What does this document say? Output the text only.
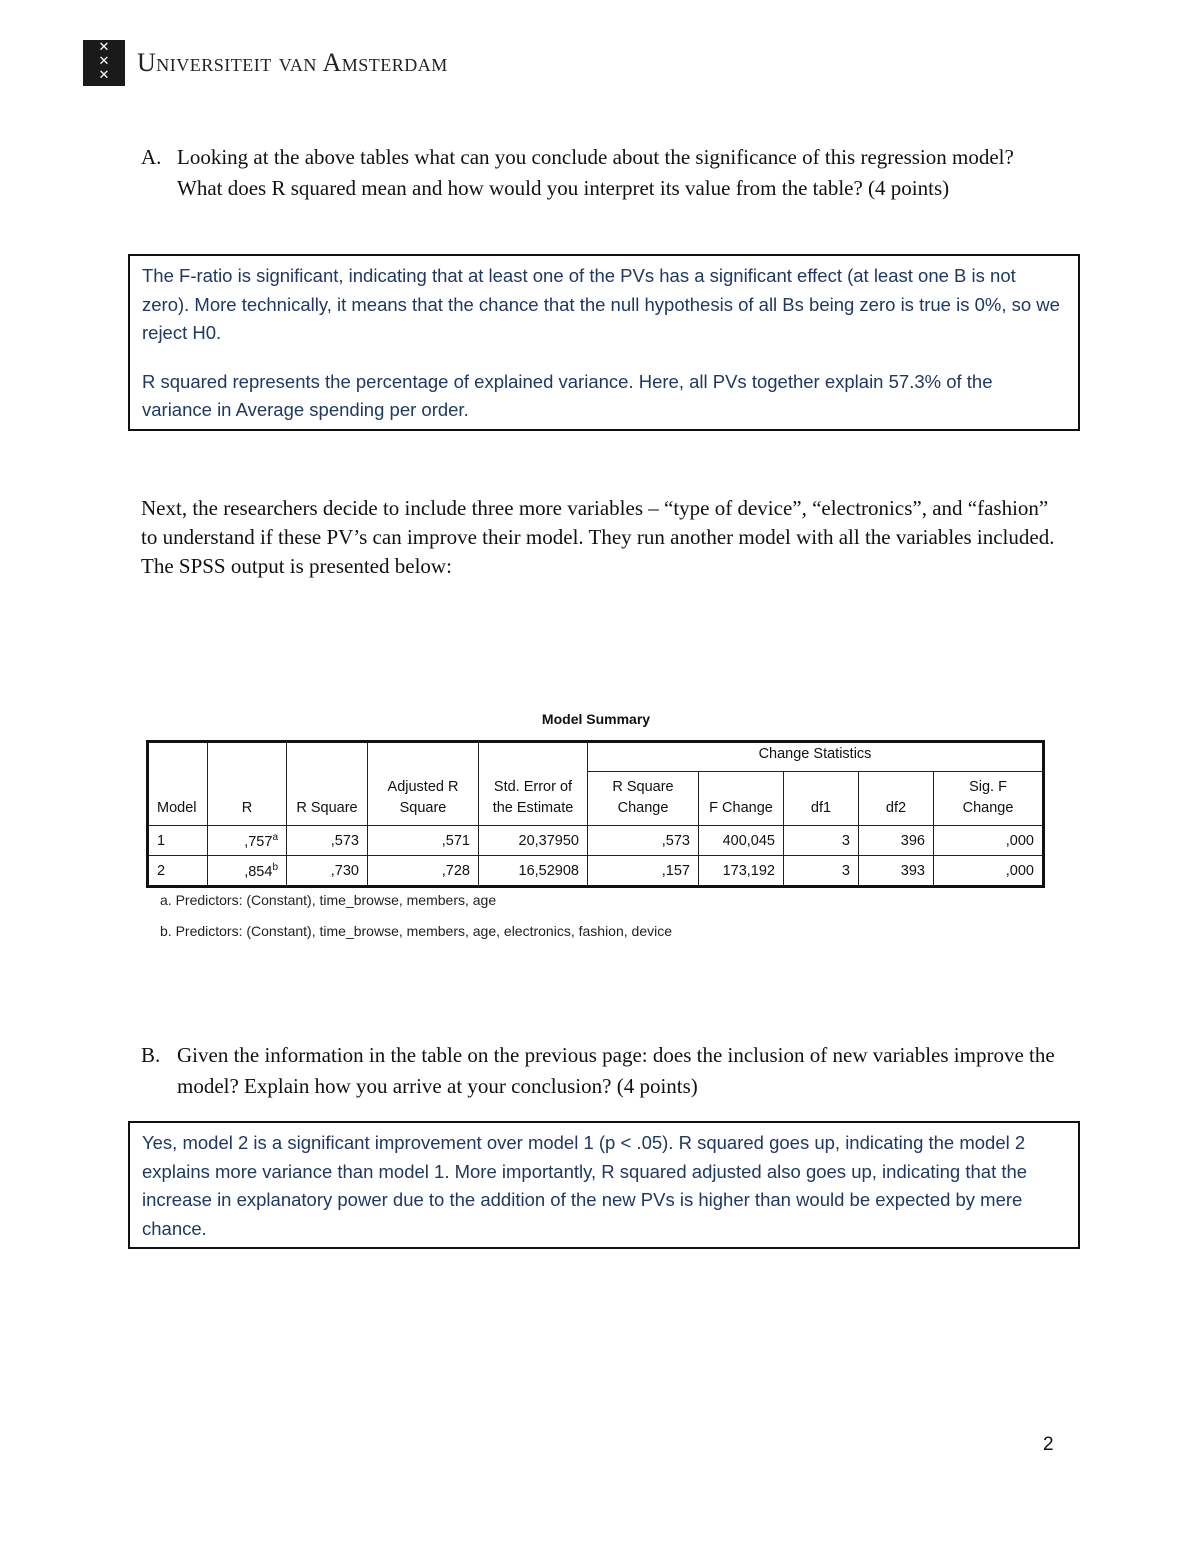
✕
✕
✕	Universiteit van Amsterdam
A. Looking at the above tables what can you conclude about the significance of this regression model? What does R squared mean and how would you interpret its value from the table? (4 points)

The F-ratio is significant, indicating that at least one of the PVs has a significant effect (at least one B is not zero). More technically, it means that the chance that the null hypothesis of all Bs being zero is true is 0%, so we reject H0.

R squared represents the percentage of explained variance. Here, all PVs together explain 57.3% of the variance in Average spending per order.

Next, the researchers decide to include three more variables – “type of device”, “electronics”, and “fashion” to understand if these PV’s can improve their model. They run another model with all the variables included. The SPSS output is presented below:
Model Summary
Model	R	R Square	Adjusted R Square	Std. Error of the Estimate	Change Statistics				
					R Square Change	F Change	df1	df2	Sig. F Change
1	,757$^a$	,573	,571	20,37950	,573	400,045	3	396	,000
2	,854$^b$	,730	,728	16,52908	,157	173,192	3	393	,000
a. Predictors: (Constant), time_browse, members, age
b. Predictors: (Constant), time_browse, members, age, electronics, fashion, device
B. Given the information in the table on the previous page: does the inclusion of new variables improve the model? Explain how you arrive at your conclusion? (4 points)

Yes, model 2 is a significant improvement over model 1 (p < .05). R squared goes up, indicating the model 2 explains more variance than model 1. More importantly, R squared adjusted also goes up, indicating that the increase in explanatory power due to the addition of the new PVs is higher than would be expected by mere chance.

2
